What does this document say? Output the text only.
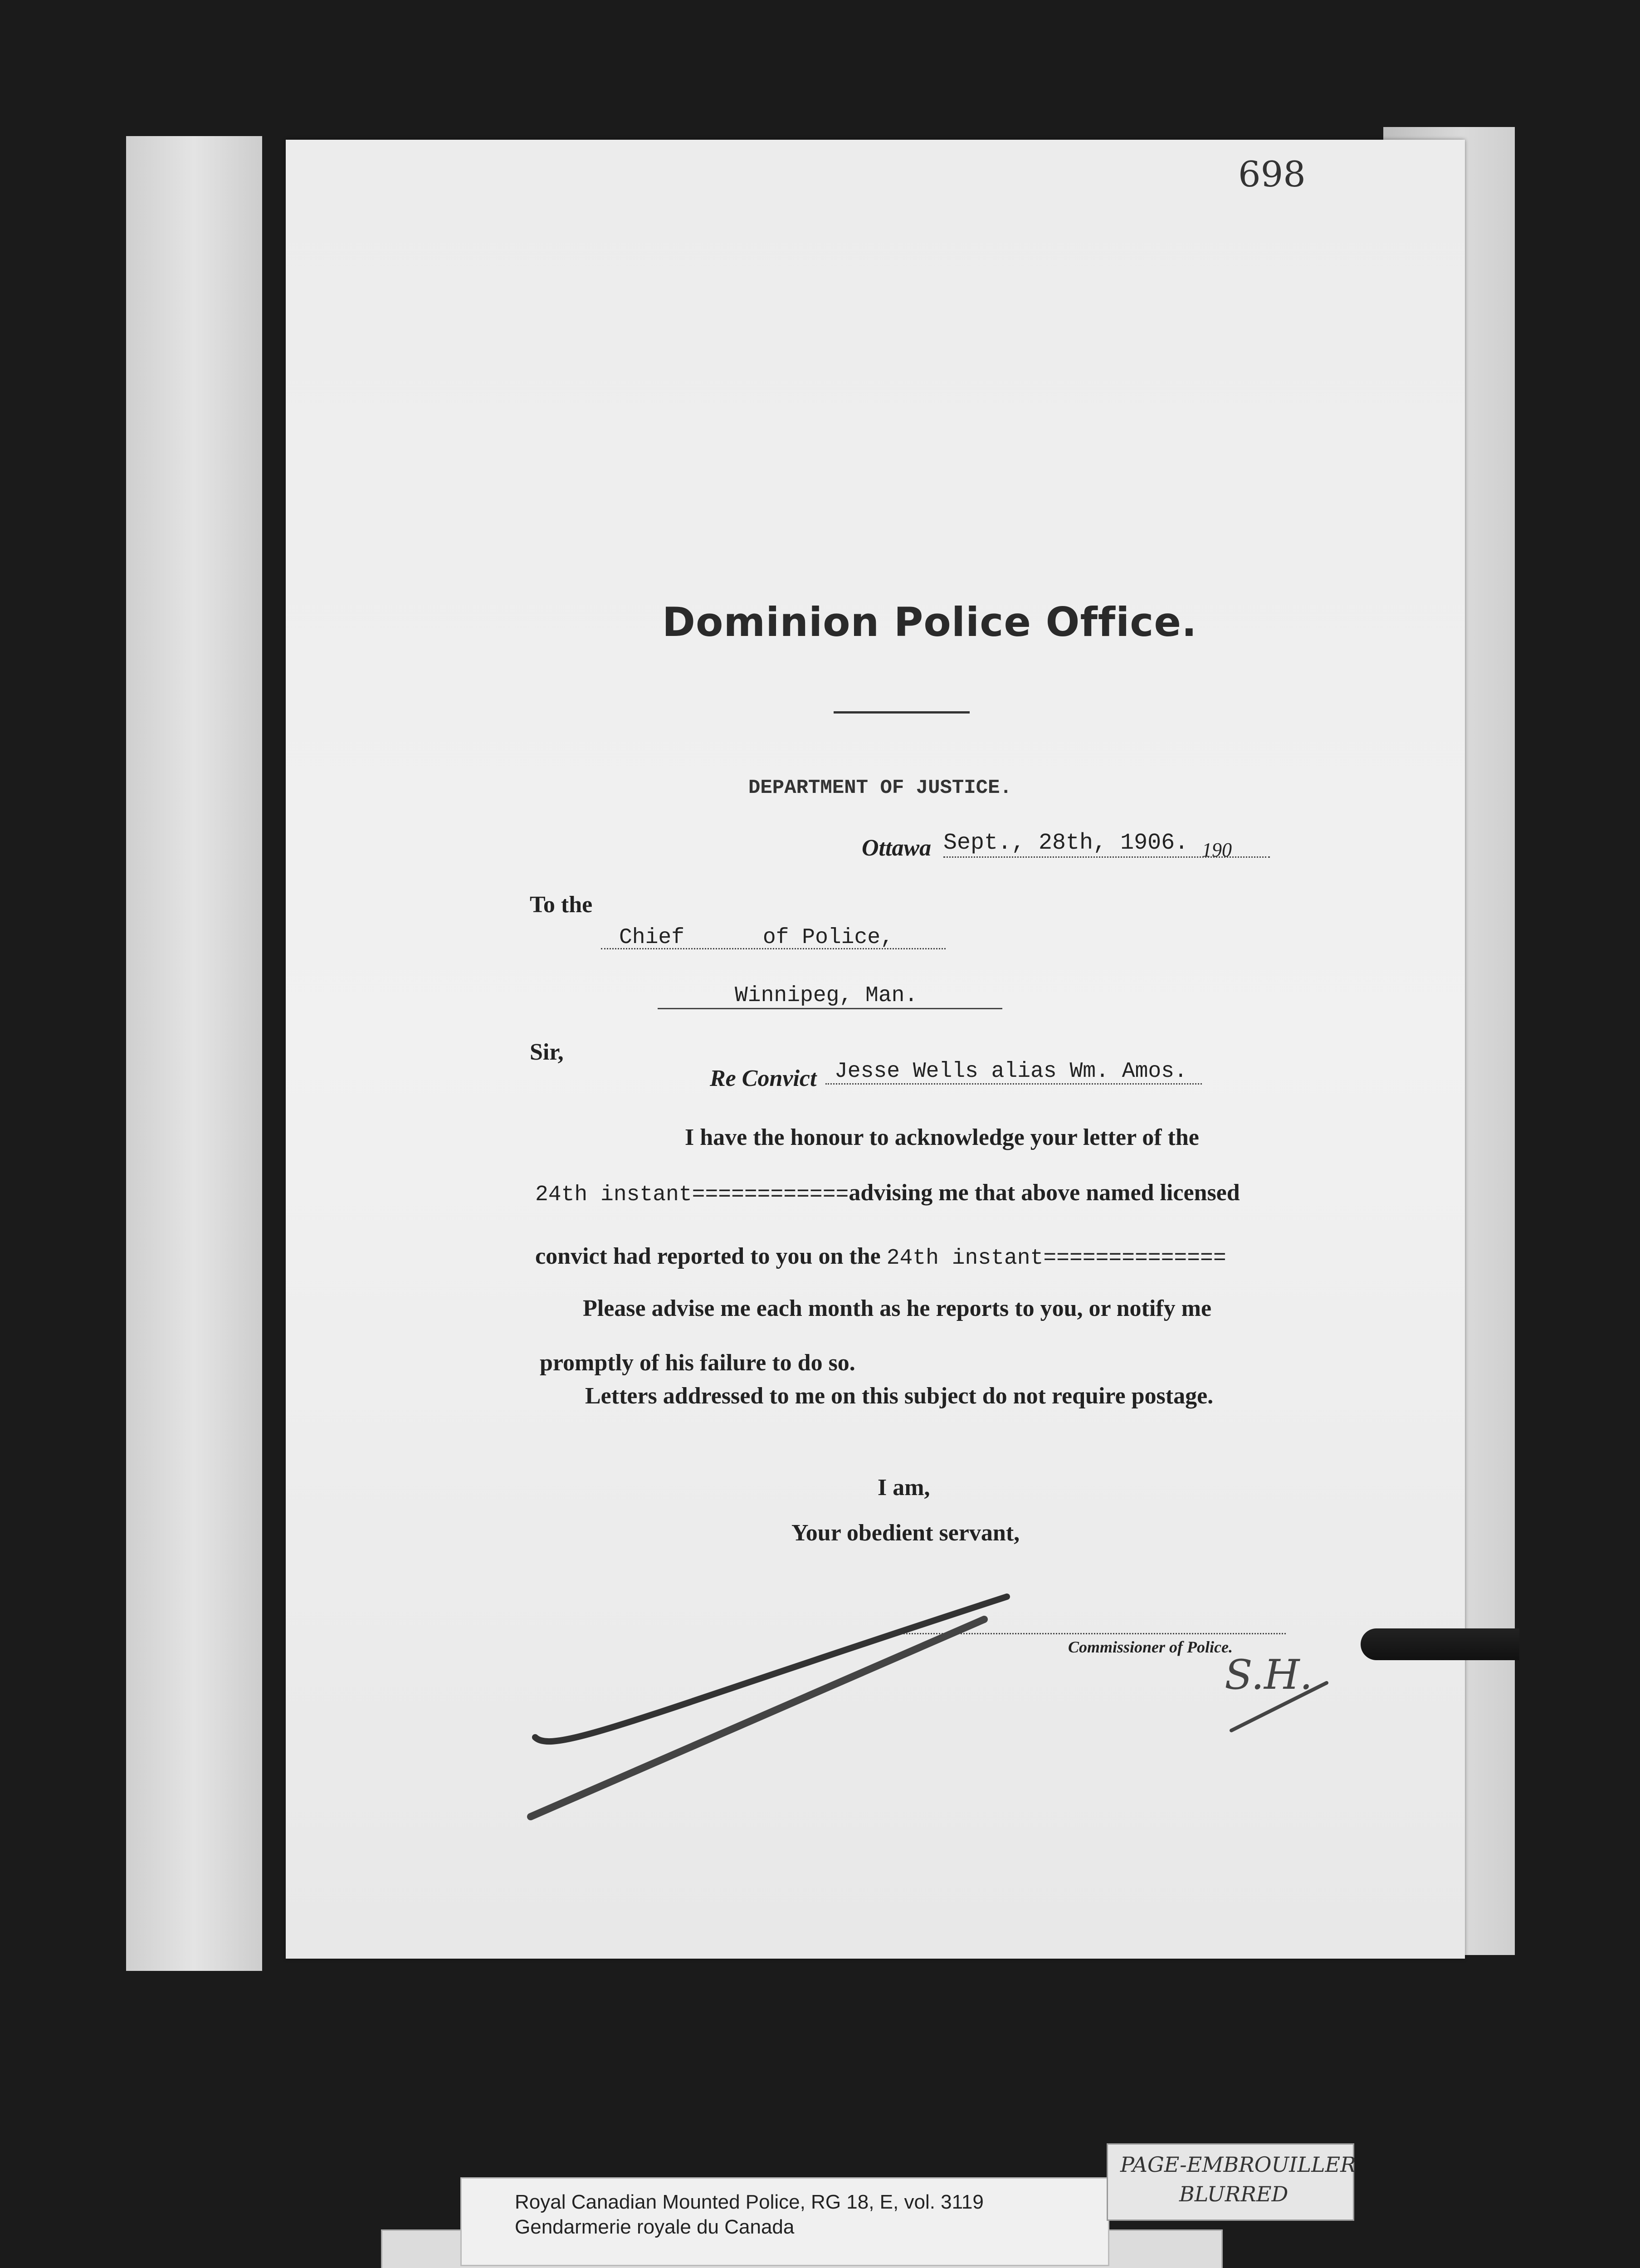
698
Dominion Police Office.
DEPARTMENT OF JUSTICE.
Ottawa Sept., 28th, 1906. 190
To the
Chief      of Police,
Winnipeg, Man.
Sir,
Re Convict Jesse Wells alias Wm. Amos.
I have the honour to acknowledge your letter of the
24th instant============advising me that above named licensed
convict had reported to you on the 24th instant==============
Please advise me each month as he reports to you, or notify me
promptly of his failure to do so.
Letters addressed to me on this subject do not require postage.
I am,
Your obedient servant,
Commissioner of Police.
S.H.
Royal Canadian Mounted Police, RG 18, E, vol. 3119
Gendarmerie royale du Canada
PAGE-EMBROUILLER
BLURRED
